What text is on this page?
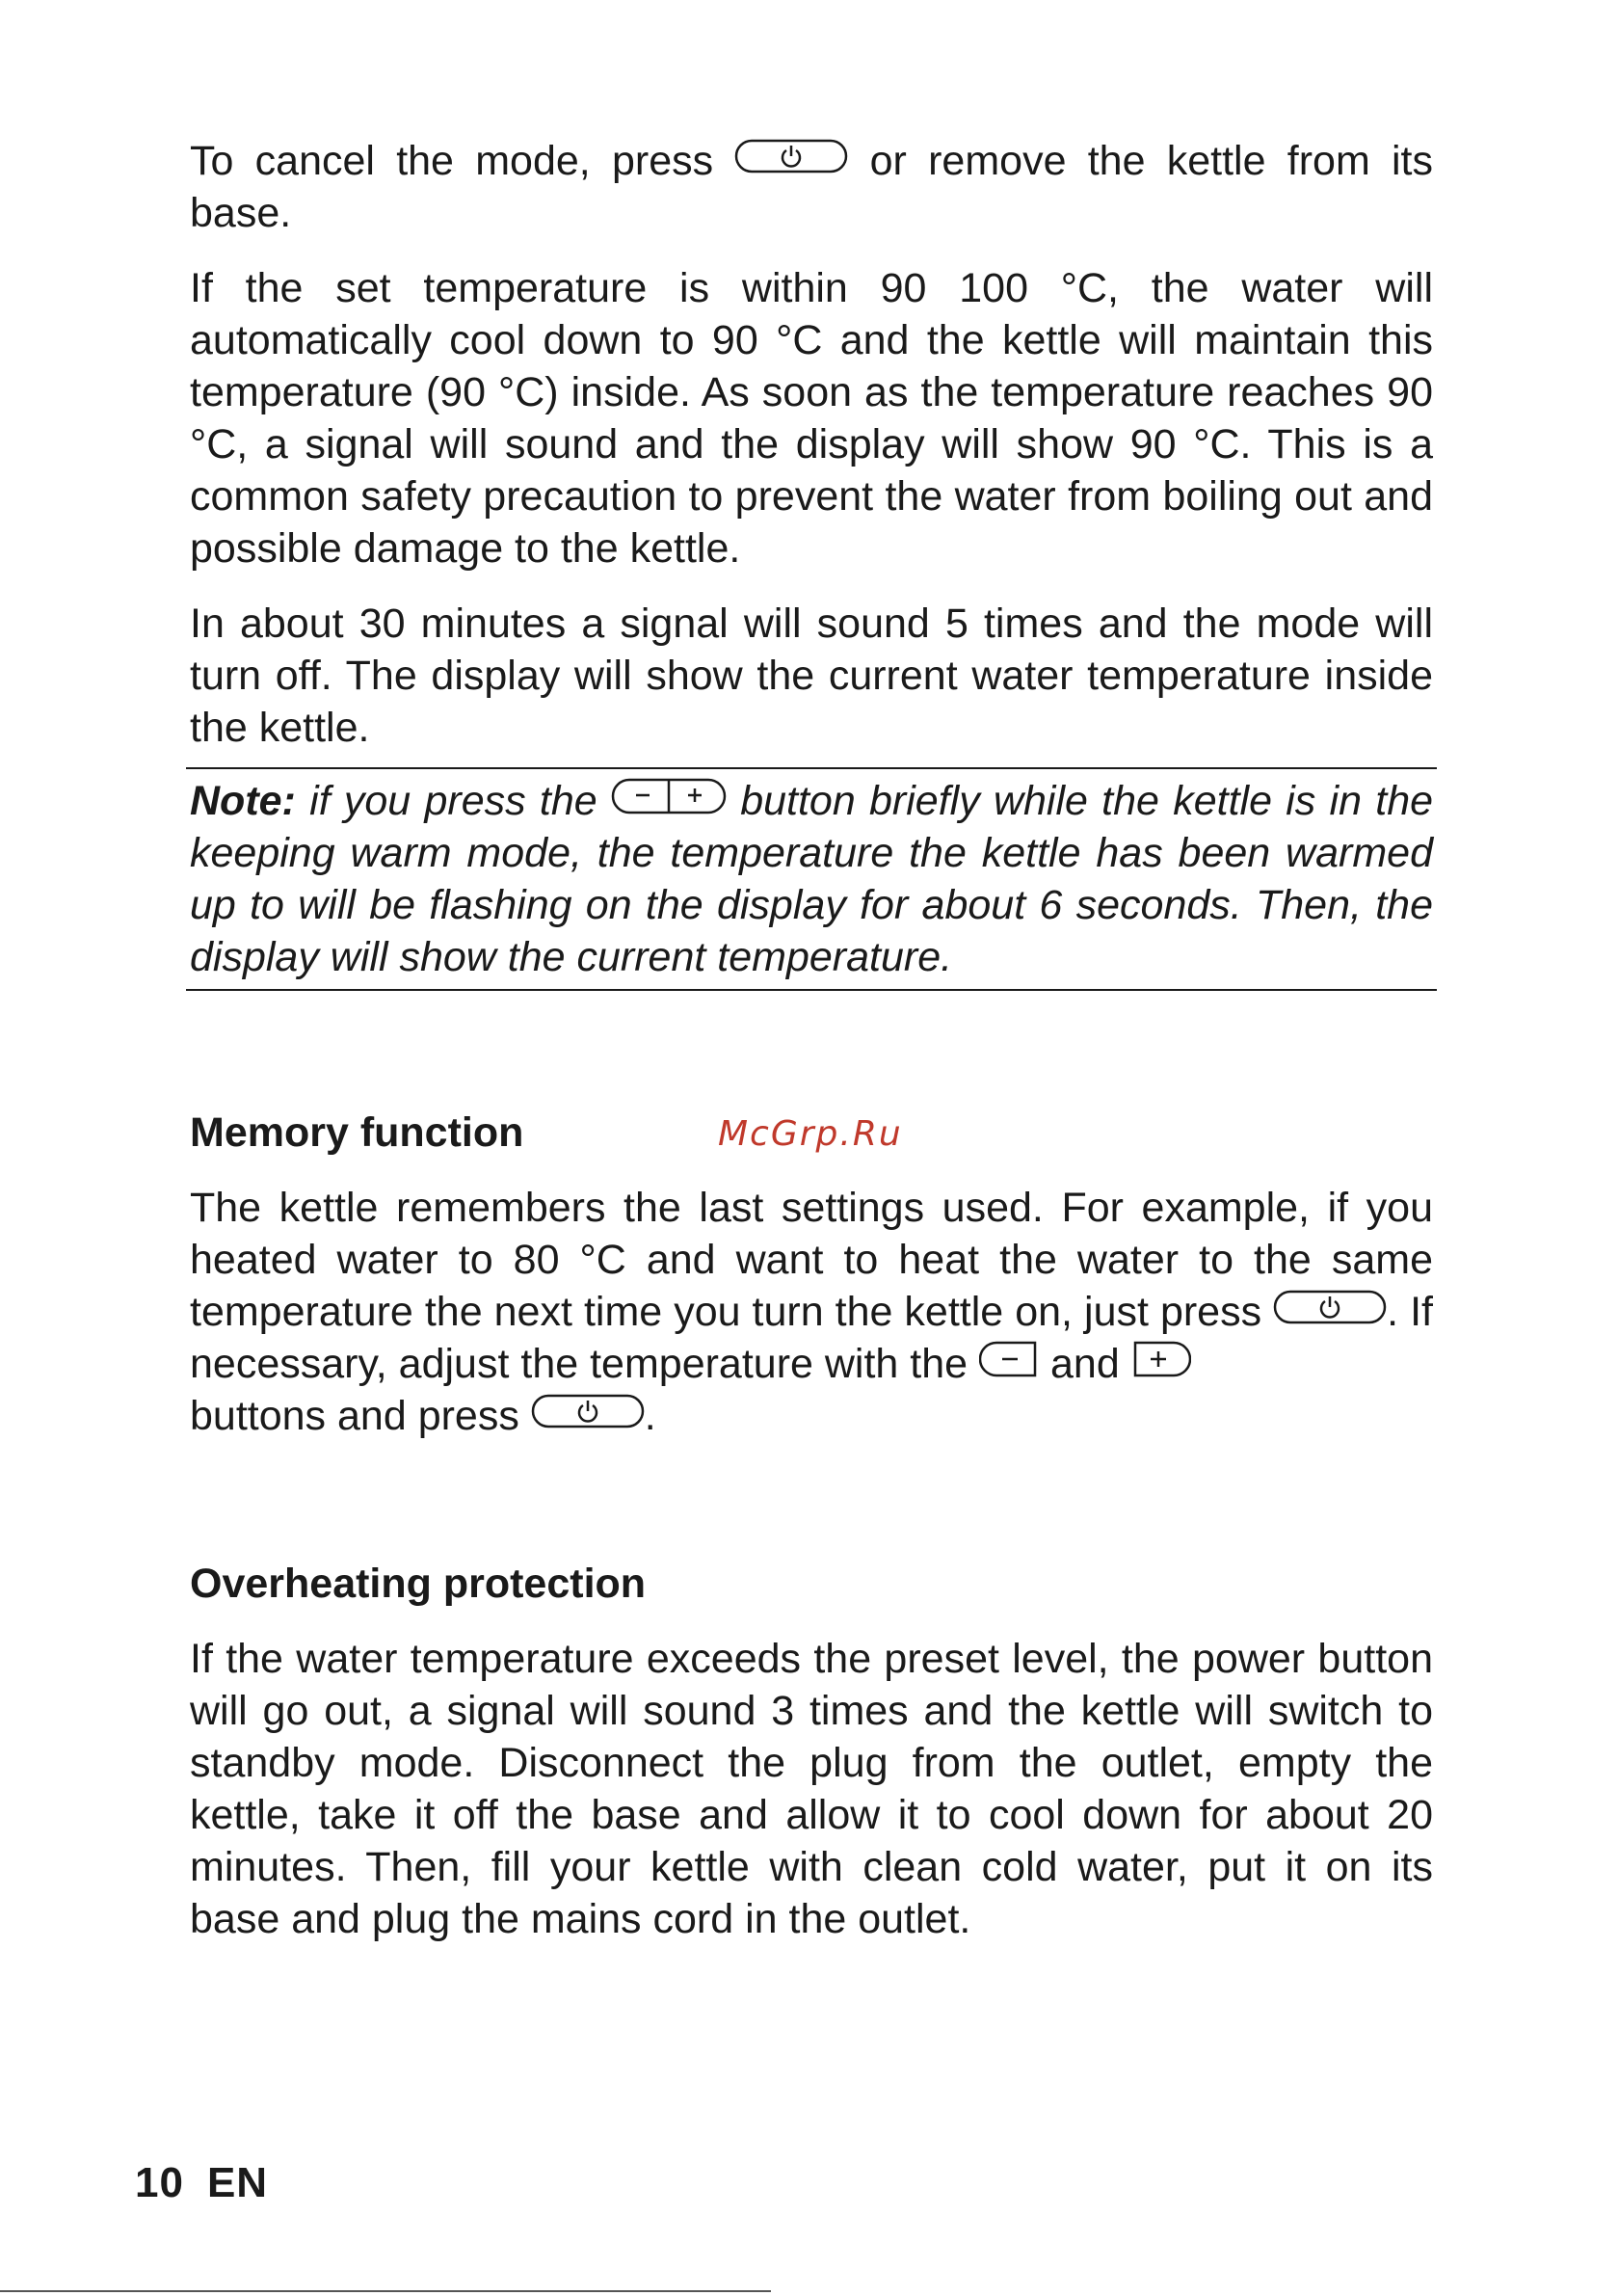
To cancel the mode, press	or remove the kettle from its base.

If the set temperature is within 90 100 °C, the water will automatically cool down to 90 °C and the kettle will maintain this temperature (90 °C) inside. As soon as the temperature reaches 90 °C, a signal will sound and the display will show 90 °C. This is a common safety precaution to prevent the water from boiling out and possible damage to the kettle.

In about 30 minutes a signal will sound 5 times and the mode will turn off. The display will show the current water temperature inside the kettle.

Note: if you press the	button briefly while the kettle is in the keeping warm mode, the temperature the kettle has been warmed up to will be flashing on the display for about 6 seconds. Then, the display will show the current temperature.

Memory function	McGrp.Ru

The kettle remembers the last settings used. For example, if you heated water to 80 °C and want to heat the water to the same temperature the next time you turn the kettle on, just press	. If necessary, adjust the temperature with the and

buttons and press	.

Overheating protection

If the water temperature exceeds the preset level, the power button will go out, a signal will sound 3 times and the kettle will switch to standby mode. Disconnect the plug from the outlet, empty the kettle, take it off the base and allow it to cool down for about 20 minutes. Then, fill your kettle with clean cold water, put it on its base and plug the mains cord in the outlet.

10 EN
